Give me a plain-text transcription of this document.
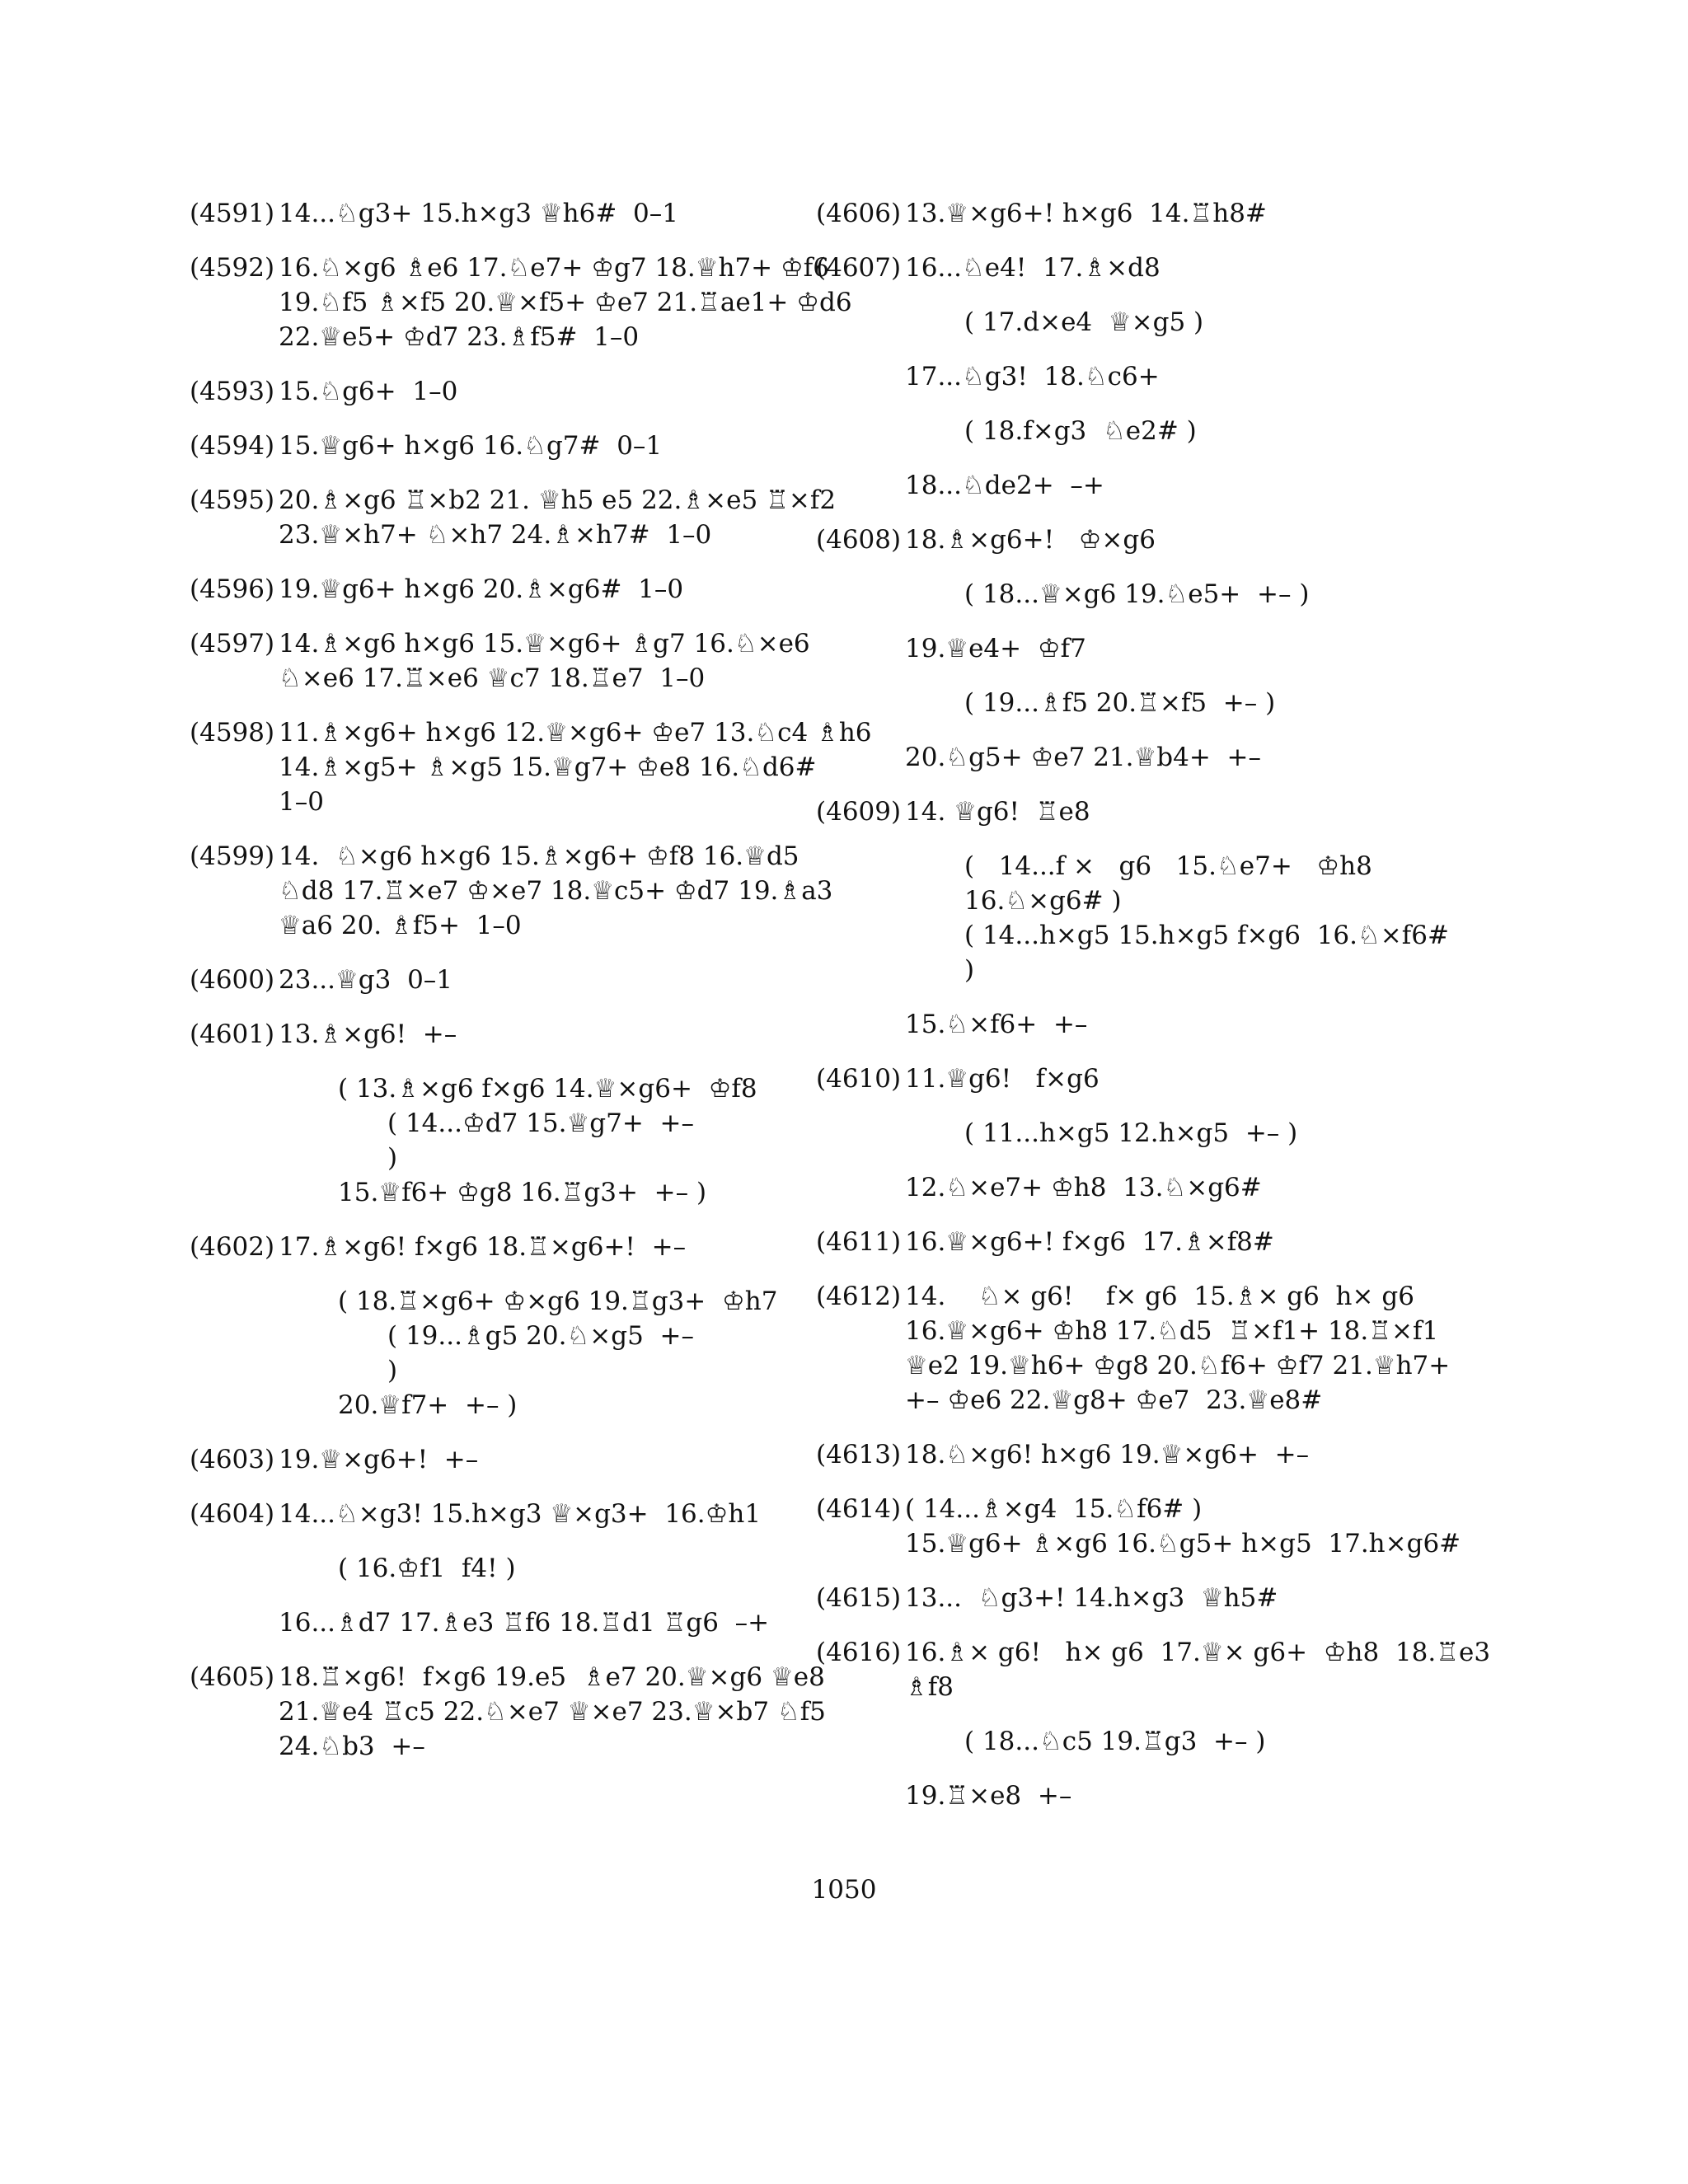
(4591) 14...♘g3+ 15.h×g3 ♕h6#  0–1
(4592) 16.♘×g6 ♗e6 17.♘e7+ ♔g7 18.♕h7+ ♔f6
19.♘f5 ♗×f5 20.♕×f5+ ♔e7 21.♖ae1+ ♔d6
22.♕e5+ ♔d7 23.♗f5#  1–0
(4593) 15.♘g6+  1–0
(4594) 15.♕g6+ h×g6 16.♘g7#  0–1
(4595) 20.♗×g6 ♖×b2 21. ♕h5 e5 22.♗×e5 ♖×f2
23.♕×h7+ ♘×h7 24.♗×h7#  1–0
(4596) 19.♕g6+ h×g6 20.♗×g6#  1–0
(4597) 14.♗×g6 h×g6 15.♕×g6+ ♗g7 16.♘×e6
♘×e6 17.♖×e6 ♕c7 18.♖e7  1–0
(4598) 11.♗×g6+ h×g6 12.♕×g6+ ♔e7 13.♘c4 ♗h6
14.♗×g5+ ♗×g5 15.♕g7+ ♔e8 16.♘d6#
1–0
(4599) 14.  ♘×g6 h×g6 15.♗×g6+ ♔f8 16.♕d5
♘d8 17.♖×e7 ♔×e7 18.♕c5+ ♔d7 19.♗a3
♕a6 20. ♗f5+  1–0
(4600) 23...♕g3  0–1
(4601) 13.♗×g6!  +–
( 13.♗×g6 f×g6 14.♕×g6+  ♔f8
( 14...♔d7 15.♕g7+  +–
)
15.♕f6+ ♔g8 16.♖g3+  +– )
(4602) 17.♗×g6! f×g6 18.♖×g6+!  +–
( 18.♖×g6+ ♔×g6 19.♖g3+  ♔h7
( 19...♗g5 20.♘×g5  +–
)
20.♕f7+  +– )
(4603) 19.♕×g6+!  +–
(4604) 14...♘×g3! 15.h×g3 ♕×g3+  16.♔h1
( 16.♔f1  f4! )
16...♗d7 17.♗e3 ♖f6 18.♖d1 ♖g6  –+
(4605) 18.♖×g6!  f×g6 19.e5  ♗e7 20.♕×g6 ♕e8
21.♕e4 ♖c5 22.♘×e7 ♕×e7 23.♕×b7 ♘f5
24.♘b3  +–
(4606) 13.♕×g6+! h×g6  14.♖h8#
(4607) 16...♘e4!  17.♗×d8
( 17.d×e4  ♕×g5 )
17...♘g3!  18.♘c6+
( 18.f×g3  ♘e2# )
18...♘de2+  –+
(4608) 18.♗×g6+!   ♔×g6
( 18...♕×g6 19.♘e5+  +– )
19.♕e4+  ♔f7
( 19...♗f5 20.♖×f5  +– )
20.♘g5+ ♔e7 21.♕b4+  +–
(4609) 14. ♕g6!  ♖e8
(   14...f ×   g6   15.♘e7+   ♔h8
16.♘×g6# )
( 14...h×g5 15.h×g5 f×g6  16.♘×f6#
)
15.♘×f6+  +–
(4610) 11.♕g6!   f×g6
( 11...h×g5 12.h×g5  +– )
12.♘×e7+ ♔h8  13.♘×g6#
(4611) 16.♕×g6+! f×g6  17.♗×f8#
(4612) 14.    ♘× g6!    f× g6  15.♗× g6  h× g6
16.♕×g6+ ♔h8 17.♘d5  ♖×f1+ 18.♖×f1
♕e2 19.♕h6+ ♔g8 20.♘f6+ ♔f7 21.♕h7+
+– ♔e6 22.♕g8+ ♔e7  23.♕e8#
(4613) 18.♘×g6! h×g6 19.♕×g6+  +–
(4614) ( 14...♗×g4  15.♘f6# )
15.♕g6+ ♗×g6 16.♘g5+ h×g5  17.h×g6#
(4615) 13...  ♘g3+! 14.h×g3  ♕h5#
(4616) 16.♗× g6!   h× g6  17.♕× g6+  ♔h8  18.♖e3
♗f8
( 18...♘c5 19.♖g3  +– )
19.♖×e8  +–
1050
